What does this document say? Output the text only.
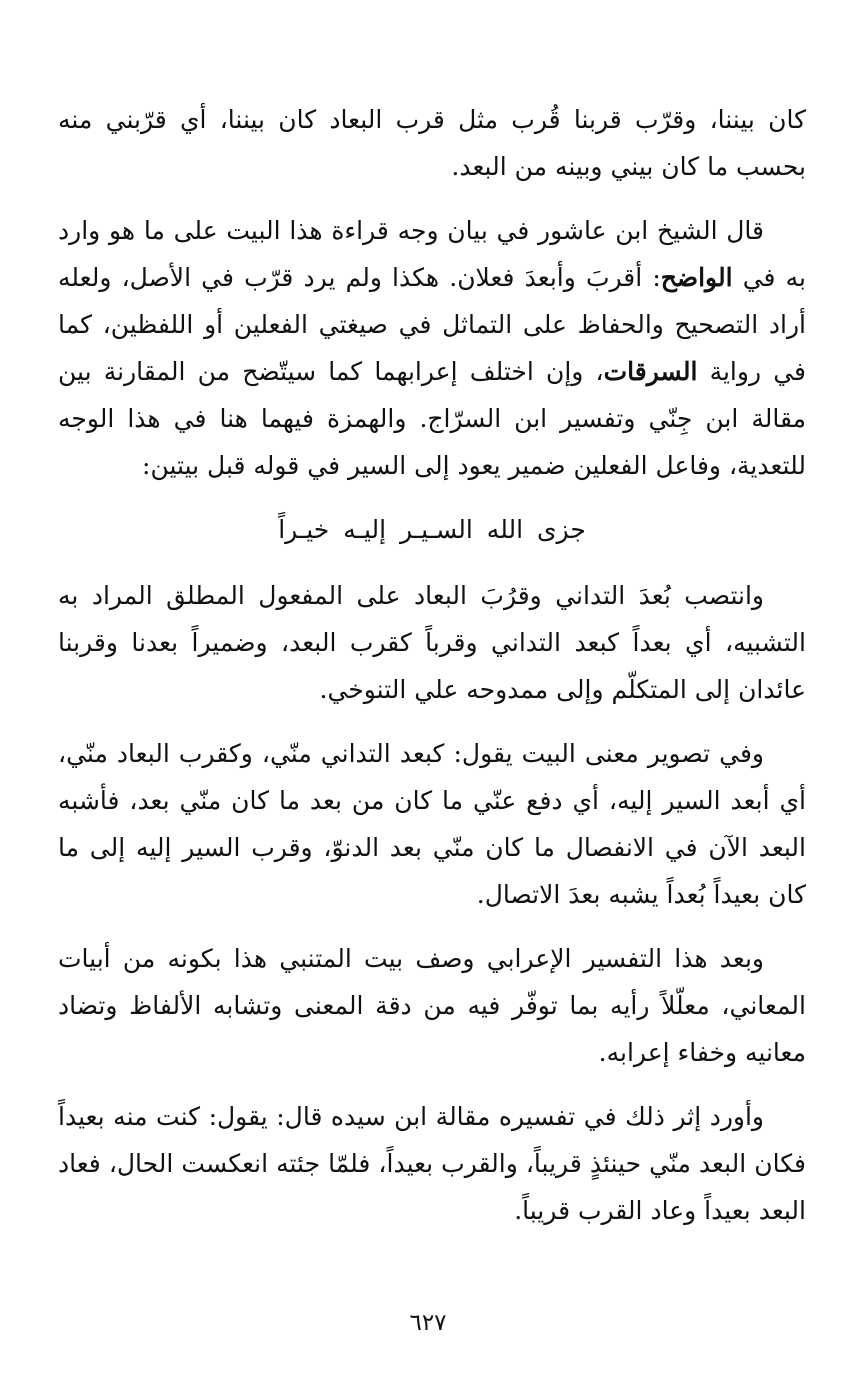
كان بيننا، وقرّب قربنا قُرب مثل قرب البعاد كان بيننا، أي قرّبني منه بحسب ما كان بيني وبينه من البعد.

قال الشيخ ابن عاشور في بيان وجه قراءة هذا البيت على ما هو وارد به في الواضح: أقربَ وأبعدَ فعلان. هكذا ولم يرد قرّب في الأصل، ولعله أراد التصحيح والحفاظ على التماثل في صيغتي الفعلين أو اللفظين، كما في رواية السرقات، وإن اختلف إعرابهما كما سيتّضح من المقارنة بين مقالة ابن جِنّي وتفسير ابن السرّاج. والهمزة فيهما هنا في هذا الوجه للتعدية، وفاعل الفعلين ضمير يعود إلى السير في قوله قبل بيتين:

جزى الله السـيـر إليـه خيـراً

وانتصب بُعدَ التداني وقرُبَ البعاد على المفعول المطلق المراد به التشبيه، أي بعداً كبعد التداني وقرباً كقرب البعد، وضميراً بعدنا وقربنا عائدان إلى المتكلّم وإلى ممدوحه علي التنوخي.

وفي تصوير معنى البيت يقول: كبعد التداني منّي، وكقرب البعاد منّي، أي أبعد السير إليه، أي دفع عنّي ما كان من بعد ما كان منّي بعد، فأشبه البعد الآن في الانفصال ما كان منّي بعد الدنوّ، وقرب السير إليه إلى ما كان بعيداً بُعداً يشبه بعدَ الاتصال.

وبعد هذا التفسير الإعرابي وصف بيت المتنبي هذا بكونه من أبيات المعاني، معلّلاً رأيه بما توفّر فيه من دقة المعنى وتشابه الألفاظ وتضاد معانيه وخفاء إعرابه.

وأورد إثر ذلك في تفسيره مقالة ابن سيده قال: يقول: كنت منه بعيداً فكان البعد منّي حينئذٍ قريباً، والقرب بعيداً، فلمّا جئته انعكست الحال، فعاد البعد بعيداً وعاد القرب قريباً.

٦٢٧
